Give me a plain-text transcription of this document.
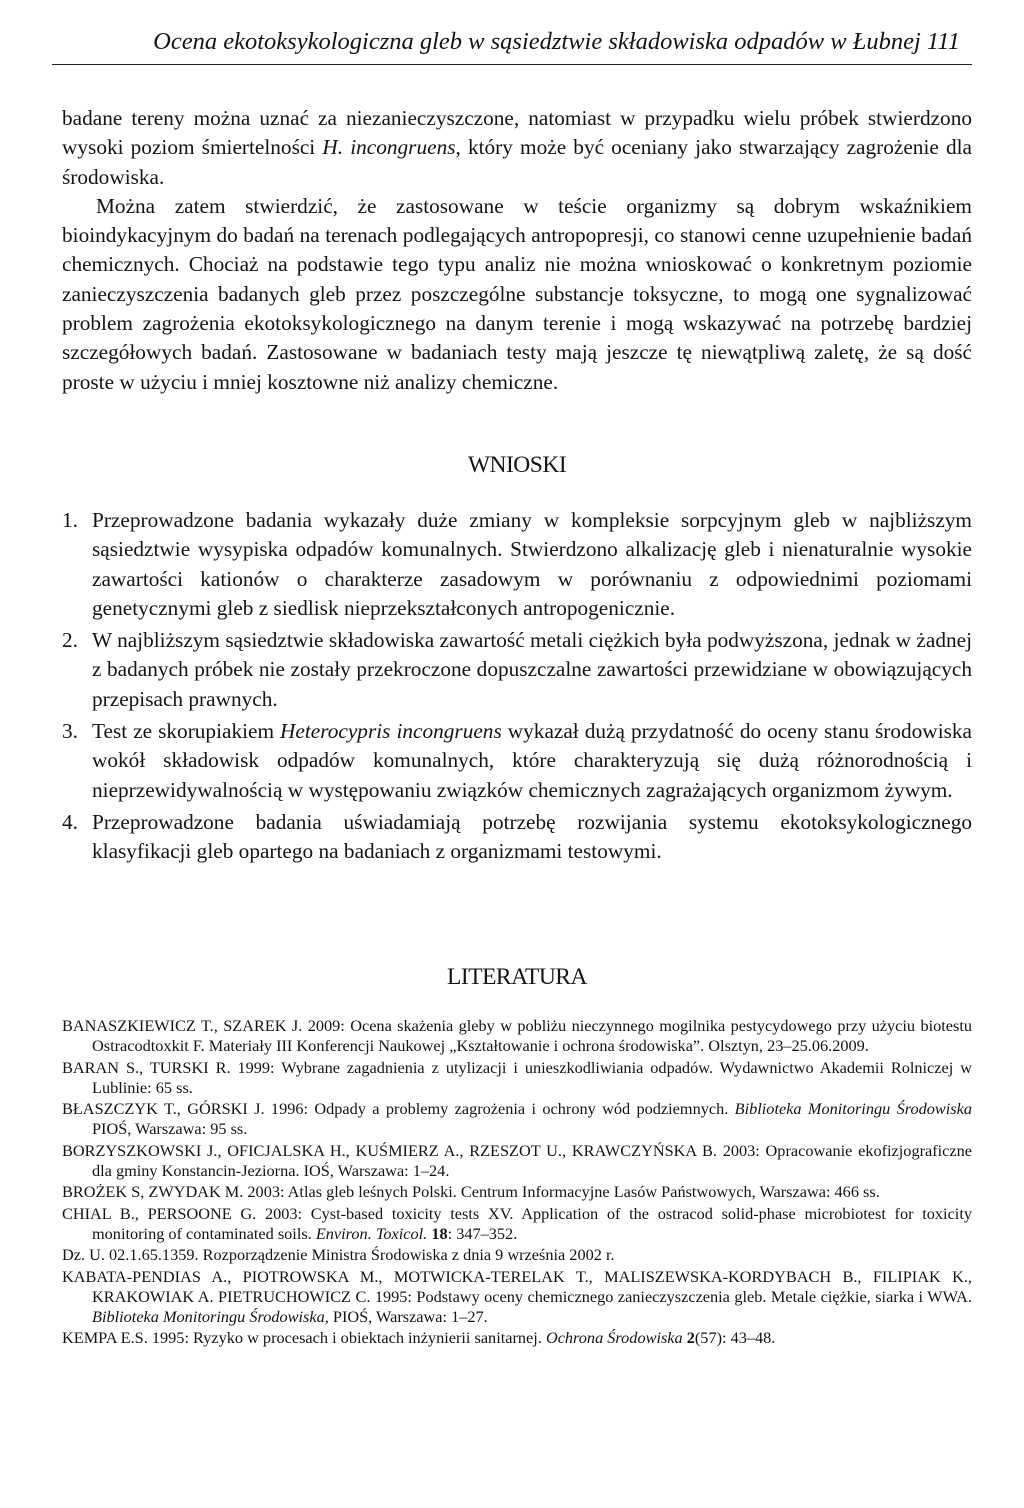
Ocena ekotoksykologiczna gleb w sąsiedztwie składowiska odpadów w Łubnej 111

badane tereny można uznać za niezanieczyszczone, natomiast w przypadku wielu próbek stwierdzono wysoki poziom śmiertelności H. incongruens, który może być oceniany jako stwarzający zagrożenie dla środowiska.

Można zatem stwierdzić, że zastosowane w teście organizmy są dobrym wskaźnikiem bioindykacyjnym do badań na terenach podlegających antropopresji, co stanowi cenne uzupełnienie badań chemicznych. Chociaż na podstawie tego typu analiz nie można wnioskować o konkretnym poziomie zanieczyszczenia badanych gleb przez poszczególne substancje toksyczne, to mogą one sygnalizować problem zagrożenia ekotoksykologicznego na danym terenie i mogą wskazywać na potrzebę bardziej szczegółowych badań. Zastosowane w badaniach testy mają jeszcze tę niewątpliwą zaletę, że są dość proste w użyciu i mniej kosztowne niż analizy chemiczne.

WNIOSKI
1. Przeprowadzone badania wykazały duże zmiany w kompleksie sorpcyjnym gleb w najbliższym sąsiedztwie wysypiska odpadów komunalnych. Stwierdzono alkalizację gleb i nienaturalnie wysokie zawartości kationów o charakterze zasadowym w porównaniu z odpowiednimi poziomami genetycznymi gleb z siedlisk nieprzekształconych antropogenicznie.
2. W najbliższym sąsiedztwie składowiska zawartość metali ciężkich była podwyższona, jednak w żadnej z badanych próbek nie zostały przekroczone dopuszczalne zawartości przewidziane w obowiązujących przepisach prawnych.
3. Test ze skorupiakiem Heterocypris incongruens wykazał dużą przydatność do oceny stanu środowiska wokół składowisk odpadów komunalnych, które charakteryzują się dużą różnorodnością i nieprzewidywalnością w występowaniu związków chemicznych zagrażających organizmom żywym.
4. Przeprowadzone badania uświadamiają potrzebę rozwijania systemu ekotoksykologicznego klasyfikacji gleb opartego na badaniach z organizmami testowymi.
LITERATURA
BANASZKIEWICZ T., SZAREK J. 2009: Ocena skażenia gleby w pobliżu nieczynnego mogilnika pestycydowego przy użyciu biotestu Ostracodtoxkit F. Materiały III Konferencji Naukowej „Kształtowanie i ochrona środowiska”. Olsztyn, 23–25.06.2009.
BARAN S., TURSKI R. 1999: Wybrane zagadnienia z utylizacji i unieszkodliwiania odpadów. Wydawnictwo Akademii Rolniczej w Lublinie: 65 ss.
BŁASZCZYK T., GÓRSKI J. 1996: Odpady a problemy zagrożenia i ochrony wód podziemnych. Biblioteka Monitoringu Środowiska PIOŚ, Warszawa: 95 ss.
BORZYSZKOWSKI J., OFICJALSKA H., KUŚMIERZ A., RZESZOT U., KRAWCZYŃSKA B. 2003: Opracowanie ekofizjograficzne dla gminy Konstancin-Jeziorna. IOŚ, Warszawa: 1–24.
BROŻEK S, ZWYDAK M. 2003: Atlas gleb leśnych Polski. Centrum Informacyjne Lasów Państwowych, Warszawa: 466 ss.
CHIAL B., PERSOONE G. 2003: Cyst-based toxicity tests XV. Application of the ostracod solid-phase microbiotest for toxicity monitoring of contaminated soils. Environ. Toxicol. 18: 347–352.
Dz. U. 02.1.65.1359. Rozporządzenie Ministra Środowiska z dnia 9 września 2002 r.
KABATA-PENDIAS A., PIOTROWSKA M., MOTWICKA-TERELAK T., MALISZEWSKA-KORDYBACH B., FILIPIAK K., KRAKOWIAK A. PIETRUCHOWICZ C. 1995: Podstawy oceny chemicznego zanieczyszczenia gleb. Metale ciężkie, siarka i WWA. Biblioteka Monitoringu Środowiska, PIOŚ, Warszawa: 1–27.
KEMPA E.S. 1995: Ryzyko w procesach i obiektach inżynierii sanitarnej. Ochrona Środowiska 2(57): 43–48.
